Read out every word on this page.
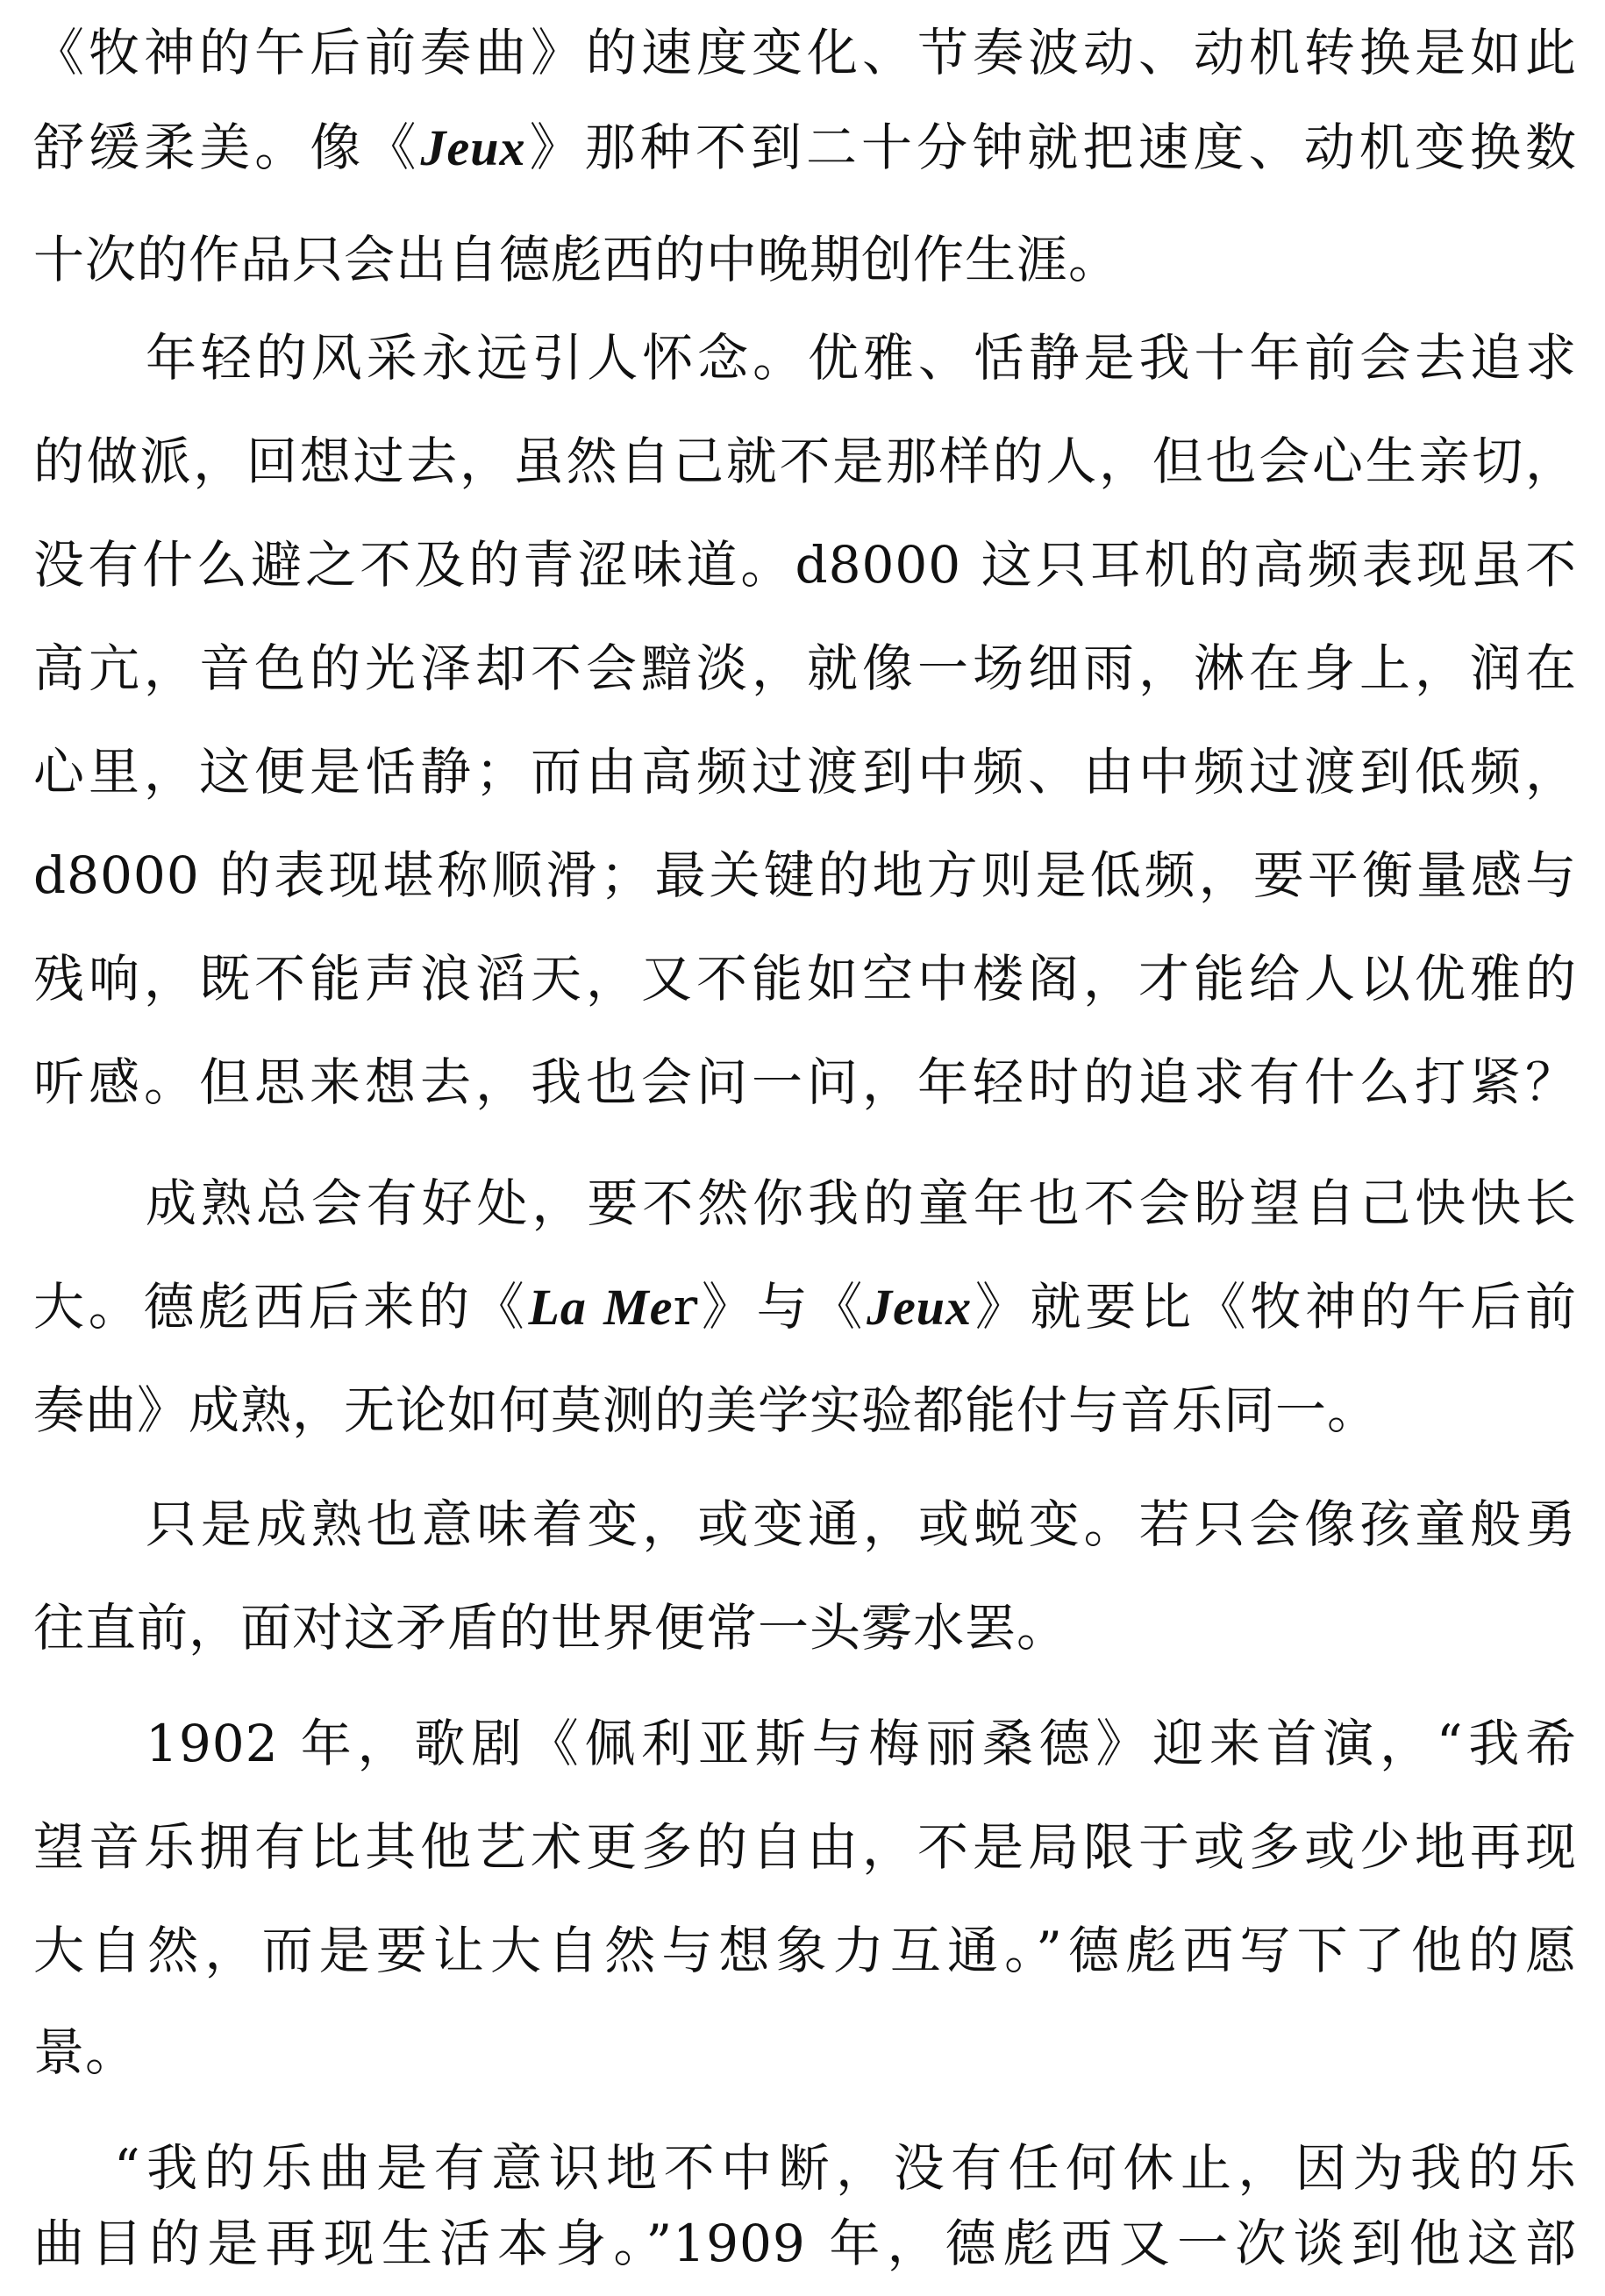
《牧神的午后前奏曲》的速度变化、节奏波动、动机转换是如此
舒缓柔美。像《Jeux》那种不到二十分钟就把速度、动机变换数
十次的作品只会出自德彪西的中晚期创作生涯。
年轻的风采永远引人怀念。优雅、恬静是我十年前会去追求
的做派，回想过去，虽然自己就不是那样的人，但也会心生亲切，
没有什么避之不及的青涩味道。d8000 这只耳机的高频表现虽不
高亢，音色的光泽却不会黯淡，就像一场细雨，淋在身上，润在
心里，这便是恬静；而由高频过渡到中频、由中频过渡到低频，
d8000 的表现堪称顺滑；最关键的地方则是低频，要平衡量感与
残响，既不能声浪滔天，又不能如空中楼阁，才能给人以优雅的
听感。但思来想去，我也会问一问，年轻时的追求有什么打紧？
成熟总会有好处，要不然你我的童年也不会盼望自己快快长
大。德彪西后来的《La Mer》与《Jeux》就要比《牧神的午后前
奏曲》成熟，无论如何莫测的美学实验都能付与音乐同一。
只是成熟也意味着变，或变通，或蜕变。若只会像孩童般勇
往直前，面对这矛盾的世界便常一头雾水罢。
1902 年，歌剧《佩利亚斯与梅丽桑德》迎来首演，“我希
望音乐拥有比其他艺术更多的自由，不是局限于或多或少地再现
大自然，而是要让大自然与想象力互通。”德彪西写下了他的愿
景。
“我的乐曲是有意识地不中断，没有任何休止，因为我的乐
曲目的是再现生活本身。”1909 年，德彪西又一次谈到他这部
